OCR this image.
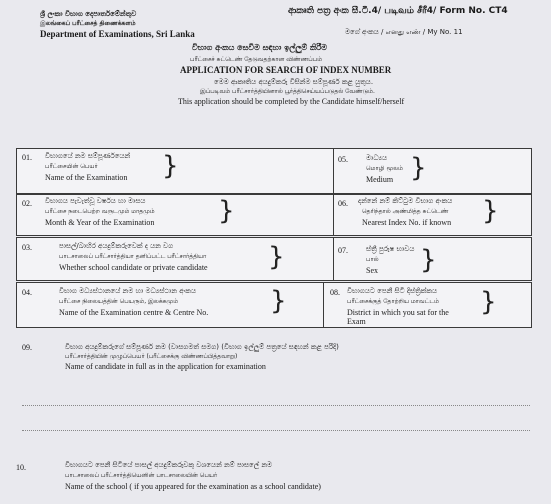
ශ්‍රී ලංකා විභාග දෙපාර්තමේන්තුව
இலங்கைப் பரீட்சைத் திணைக்களம்
Department of Examinations, Sri Lanka
ආකෘති පත්‍ර අංක සී.ටී.4/ படிவம் சீரீ4/ Form No. CT4
මගේ අංකය / எனது எண் / My No. 11
විභාග අංකය සෙවීම සඳහා ඉල්ලුම් කිරීම
பரீட்சைச் சுட்டெண் தேடுவதற்கான விண்ணப்பம்
APPLICATION FOR SEARCH OF INDEX NUMBER
මෙම ආකෘතිය අයදුම්කරු විසින්ම සම්පූර්ණ කළ යුතුය.
இப்படிவம் பரீட்சார்த்தியினால் பூர்த்திசெய்யப்படுதல் வேண்டும்.
This application should be completed by the Candidate himself/herself
01. විභාගයේ නම සම්පූර්ණයෙන්
பரீட்சையின் பெயர்
Name of the Examination }	05.	මාධ්‍යය
மொழி மூலம்
Medium }
02. විභාගය පැවැත්වූ වර්ෂය හා මාසය
பரீட்சை நடைபெற்ற வருடமும் மாதமும்
Month & Year of the Examination }	06. දන්නේ නම් කිට්ටුම විභාග අංකය
தெரிந்தால் அண்மித்த சுட்டெண்
Nearest Index No. if known }
03.	පාසල්/බාහිර අයදුම්කරුවෙක් ද යන වග
பாடசாலைப் பரீட்சார்த்தியா தனிப்பட்ட பரீட்சார்த்தியா
Whether school candidate or private candidate }	07.	ස්ත්‍රී පුරුෂ භාවය
பால்
Sex }
04.	විභාග මධ්‍යස්ථානයේ නම හා මධ්‍යස්ථාන අංකය
பரீட்சை நிலையத்தின் பெயரும், இலக்கமும்
Name of the Examination centre & Centre No. }	08. විභාගයට පෙනී සිටි දිස්ත්‍රික්කය
பரீட்சைக்குத் தோற்றிய மாவட்டம்
District in which you sat for the
Exam
}
09.	විභාග අයදුම්කරුගේ සම්පූර්ණ නම (වාසගමත් සමග) (විභාග ඉල්ලුම් පත්‍රයේ සඳහන් කළ පරිදි)
பரீட்சார்த்தியின் முழுப்பெயர் (பரீட்சைக்கு விண்ணப்பித்தவாறு)
Name of candidate in full as in the application for examination
10.	විභාගයට පෙනී සිටියේ පාසල් අයදුම්කරුවකු වශයෙන් නම් පාසලේ නම
பாடசாலைப் பரீட்சார்த்தியெனின் பாடசாலையின் பெயர்
Name of the school ( if you appeared for the examination as a school candidate)
